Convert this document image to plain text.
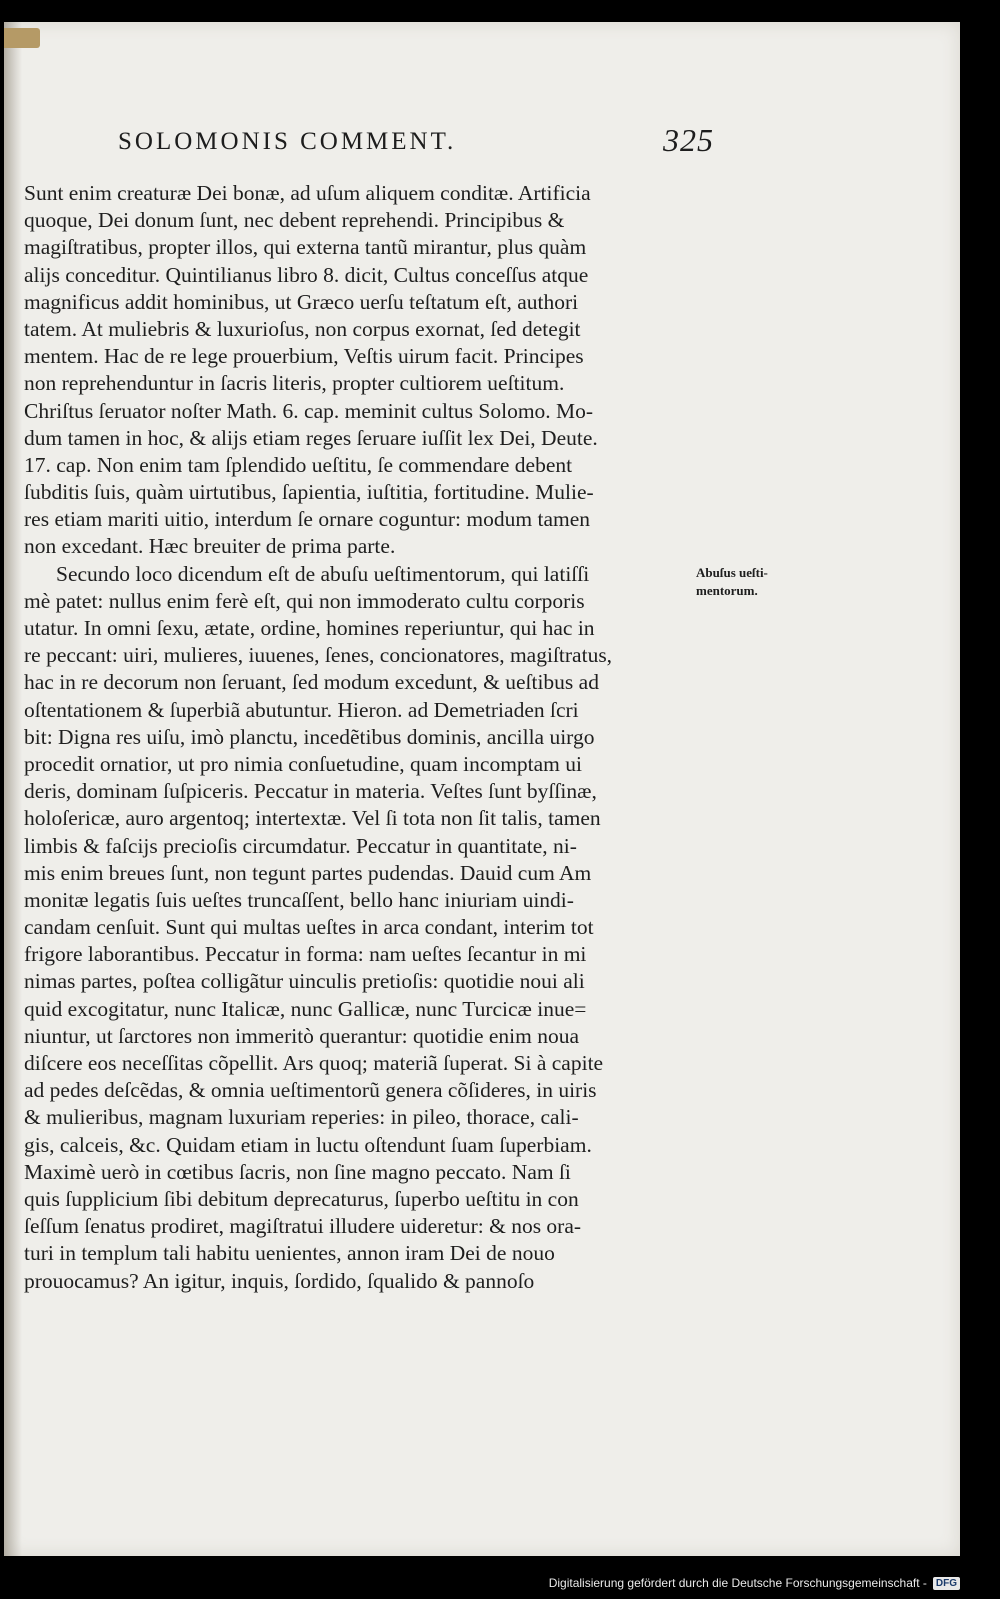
SOLOMONIS COMMENT.	325
Sunt enim creaturæ Dei bonæ, ad uſum aliquem conditæ. Artificia
quoque, Dei donum ſunt, nec debent reprehendi. Principibus &
magiſtratibus, propter illos, qui externa tantũ mirantur, plus quàm
alijs conceditur. Quintilianus libro 8. dicit, Cultus conceſſus atque
magnificus addit hominibus, ut Græco uerſu teſtatum eſt, authori
tatem. At muliebris & luxurioſus, non corpus exornat, ſed detegit
mentem. Hac de re lege prouerbium, Veſtis uirum facit. Principes
non reprehenduntur in ſacris literis, propter cultiorem ueſtitum.
Chriſtus ſeruator noſter Math. 6. cap. meminit cultus Solomo. Mo-
dum tamen in hoc, & alijs etiam reges ſeruare iuſſit lex Dei, Deute.
17. cap. Non enim tam ſplendido ueſtitu, ſe commendare debent
ſubditis ſuis, quàm uirtutibus, ſapientia, iuſtitia, fortitudine. Mulie-
res etiam mariti uitio, interdum ſe ornare coguntur: modum tamen
non excedant. Hæc breuiter de prima parte.
Secundo loco dicendum eſt de abuſu ueſtimentorum, qui latiſſi
mè patet: nullus enim ferè eſt, qui non immoderato cultu corporis
utatur. In omni ſexu, ætate, ordine, homines reperiuntur, qui hac in
re peccant: uiri, mulieres, iuuenes, ſenes, concionatores, magiſtratus,
hac in re decorum non ſeruant, ſed modum excedunt, & ueſtibus ad
oſtentationem & ſuperbiã abutuntur. Hieron. ad Demetriaden ſcri
bit: Digna res uiſu, imò planctu, incedẽtibus dominis, ancilla uirgo
procedit ornatior, ut pro nimia conſuetudine, quam incomptam ui
deris, dominam ſuſpiceris. Peccatur in materia. Veſtes ſunt byſſinæ,
holoſericæ, auro argentoq; intertextæ. Vel ſi tota non ſit talis, tamen
limbis & faſcijs precioſis circumdatur. Peccatur in quantitate, ni-
mis enim breues ſunt, non tegunt partes pudendas. Dauid cum Am
monitæ legatis ſuis ueſtes truncaſſent, bello hanc iniuriam uindi-
candam cenſuit. Sunt qui multas ueſtes in arca condant, interim tot
frigore laborantibus. Peccatur in forma: nam ueſtes ſecantur in mi
nimas partes, poſtea colligãtur uinculis pretioſis: quotidie noui ali
quid excogitatur, nunc Italicæ, nunc Gallicæ, nunc Turcicæ inue=
niuntur, ut ſarctores non immeritò querantur: quotidie enim noua
diſcere eos neceſſitas cõpellit. Ars quoq; materiã ſuperat. Si à capite
ad pedes deſcẽdas, & omnia ueſtimentorũ genera cõſideres, in uiris
& mulieribus, magnam luxuriam reperies: in pileo, thorace, cali-
gis, calceis, &c. Quidam etiam in luctu oſtendunt ſuam ſuperbiam.
Maximè uerò in cœtibus ſacris, non ſine magno peccato. Nam ſi
quis ſupplicium ſibi debitum deprecaturus, ſuperbo ueſtitu in con
ſeſſum ſenatus prodiret, magiſtratui illudere uideretur: & nos ora-
turi in templum tali habitu uenientes, annon iram Dei de nouo
prouocamus? An igitur, inquis, ſordido, ſqualido & pannoſo
Abuſus ueſti-
mentorum.
Digitalisierung gefördert durch die Deutsche Forschungsgemeinschaft - DFG
